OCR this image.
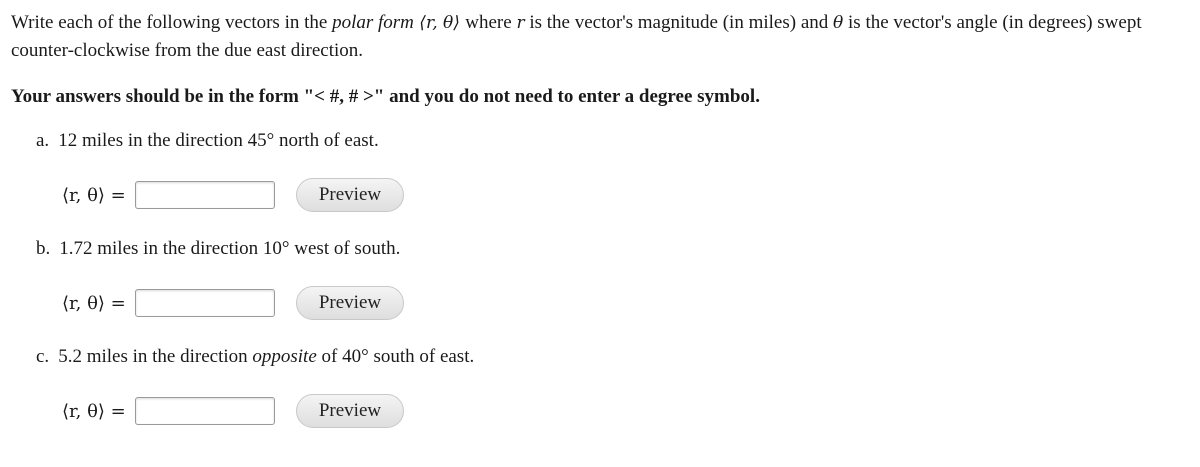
Write each of the following vectors in the polar form ⟨r, θ⟩ where r is the vector's magnitude (in miles) and θ is the vector's angle (in degrees) swept counter-clockwise from the due east direction.
Your answers should be in the form "< #, # >" and you do not need to enter a degree symbol.
a. 12 miles in the direction 45° north of east.
⟨r, θ⟩ =	Preview
b. 1.72 miles in the direction 10° west of south.
⟨r, θ⟩ =	Preview
c. 5.2 miles in the direction opposite of 40° south of east.
⟨r, θ⟩ =	Preview
